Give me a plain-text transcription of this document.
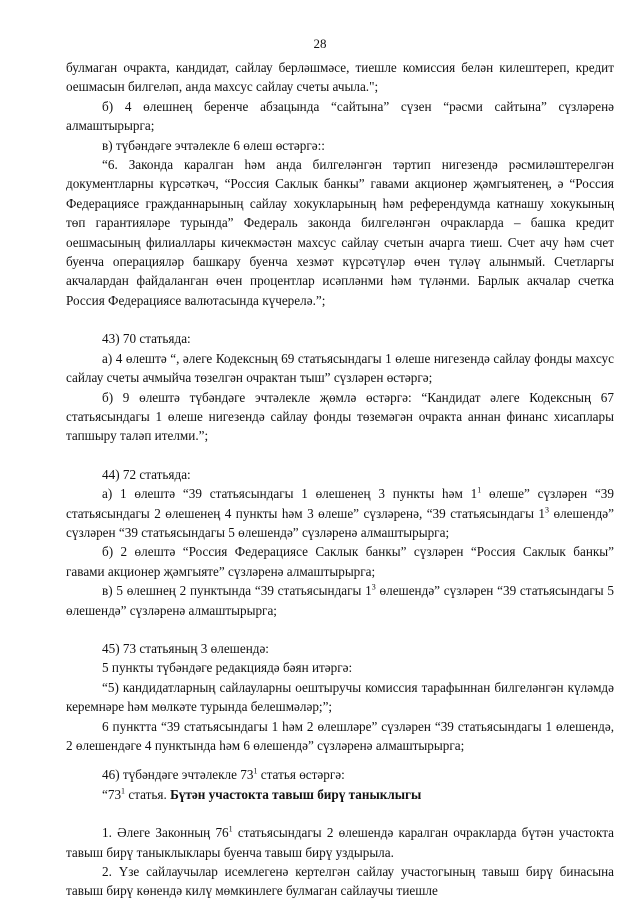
28

булмаган очракта, кандидат, сайлау берләшмәсе, тиешле комиссия белән килештереп, кредит оешмасын билгеләп, анда махсус сайлау счеты ачыла.";

б) 4 өлешнең беренче абзацында “сайтына” сүзен “рәсми сайтына” сүзләренә алмаштырырга;

в) түбәндәге эчтәлекле 6 өлеш өстәргә::

“6. Законда каралган һәм анда билгеләнгән тәртип нигезендә рәсмиләштерелгән документларны күрсәткәч, “Россия Саклык банкы” гавами акционер җәмгыятенең, ә “Россия Федерациясе гражданнарының сайлау хокукларының һәм референдумда катнашу хокукының төп гарантияләре турында” Федераль законда билгеләнгән очракларда – башка кредит оешмасының филиаллары кичекмәстән махсус сайлау счетын ачарга тиеш. Счет ачу һәм счет буенча операцияләр башкару буенча хезмәт күрсәтүләр өчен түләү алынмый. Счетларгы акчалардан файдаланган өчен процентлар исәпләнми һәм түләнми. Барлык акчалар счетка Россия Федерациясе валютасында күчерелә.”;

43) 70 статьяда:

а) 4 өлештә “, әлеге Кодексның 69 статьясындагы 1 өлеше нигезендә сайлау фонды махсус сайлау счеты ачмыйча төзелгән очрактан тыш” сүзләрен өстәргә;

б) 9 өлештә түбәндәге эчтәлекле җөмлә өстәргә: “Кандидат әлеге Кодексның 67 статьясындагы 1 өлеше нигезендә сайлау фонды төземәгән очракта аннан финанс хисаплары тапшыру таләп ителми.”;

44) 72 статьяда:

а) 1 өлештә “39 статьясындагы 1 өлешенең 3 пункты һәм $1^1$ өлеше” сүзләрен “39 статьясындагы 2 өлешенең 4 пункты һәм 3 өлеше” сүзләренә, “39 статьясындагы $1^3$ өлешендә” сүзләрен “39 статьясындагы 5 өлешендә” сүзләренә алмаштырырга;

б) 2 өлештә “Россия Федерациясе Саклык банкы” сүзләрен “Россия Саклык банкы” гавами акционер җәмгыяте” сүзләренә алмаштырырга;

в) 5 өлешнең 2 пунктында “39 статьясындагы $1^3$ өлешендә” сүзләрен “39 статьясындагы 5 өлешендә” сүзләренә алмаштырырга;

45) 73 статьяның 3 өлешендә:

5 пункты түбәндәге редакциядә бәян итәргә:

“5) кандидатларның сайлауларны оештыручы комиссия тарафыннан билгеләнгән күләмдә керемнәре һәм мөлкәте турында белешмәләр;”;

6 пунктта “39 статьясындагы 1 һәм 2 өлешләре” сүзләрен “39 статьясындагы 1 өлешендә, 2 өлешендәге 4 пунктында һәм 6 өлешендә” сүзләренә алмаштырырга;

46) түбәндәге эчтәлекле $73^1$ статья өстәргә:

“$73^1$ статья. Бүтән участокта тавыш бирү таныклыгы

1. Әлеге Законның $76^1$ статьясындагы 2 өлешендә каралган очракларда бүтән участокта тавыш бирү таныклыклары буенча тавыш бирү уздырыла.

2. Үзе сайлаучылар исемлегенә кертелгән сайлау участогының тавыш бирү бинасына тавыш бирү көнендә килү мөмкинлеге булмаган сайлаучы тиешле
